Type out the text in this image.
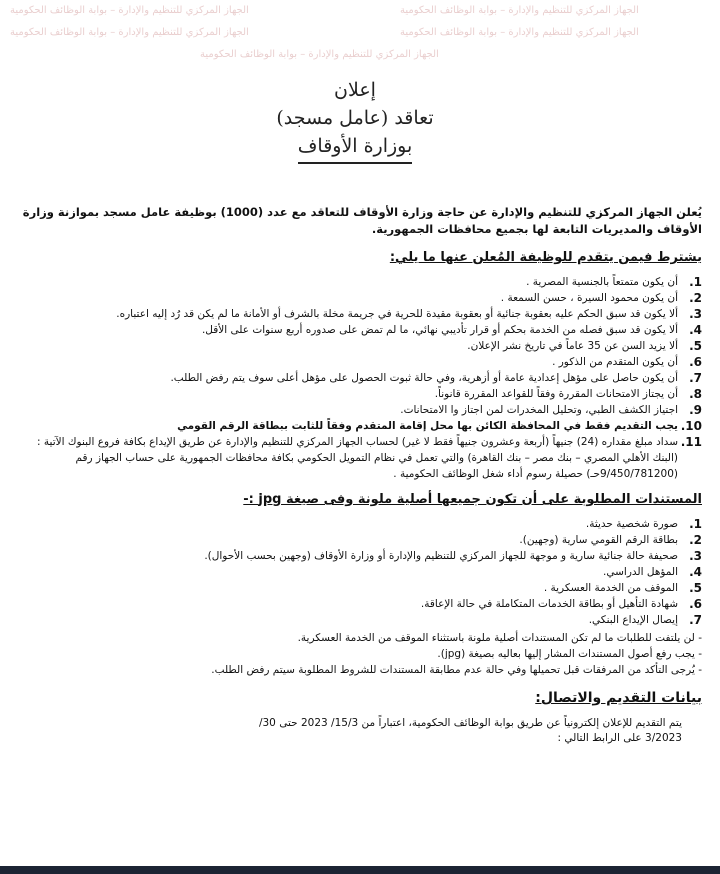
الجهاز المركزي للتنظيم والإدارة – بوابة الوظائف الحكومية	الجهاز المركزي للتنظيم والإدارة – بوابة الوظائف الحكومية
الجهاز المركزي للتنظيم والإدارة – بوابة الوظائف الحكومية	الجهاز المركزي للتنظيم والإدارة – بوابة الوظائف الحكومية
الجهاز المركزي للتنظيم والإدارة – بوابة الوظائف الحكومية
إعلان
تعاقد (عامل مسجد)
بوزارة الأوقاف
يُعلن الجهاز المركزي للتنظيم والإدارة عن حاجة وزارة الأوقاف للتعاقد مع عدد (1000) بوظيفة عامل مسجد بموازنة وزارة الأوقاف والمديريات التابعة لها بجميع محافظات الجمهورية.
يشترط فيمن يتقدم للوظيفة المُعلن عنها ما يلي:
1.
أن يكون متمتعاً بالجنسية المصرية .
2.
أن يكون محمود السيرة ، حسن السمعة .
3.
ألا يكون قد سبق الحكم عليه بعقوبة جنائية أو بعقوبة مقيدة للحرية في جريمة مخلة بالشرف أو الأمانة ما لم يكن قد رُد إليه اعتباره.
4.
ألا يكون قد سبق فصله من الخدمة بحكم أو قرار تأديبي نهائي، ما لم تمض على صدوره أربع سنوات على الأقل.
5.
ألا يزيد السن عن 35 عاماً في تاريخ نشر الإعلان.
6.
أن يكون المتقدم من الذكور .
7.
أن يكون حاصل على مؤهل إعدادية عامة أو أزهرية، وفي حالة ثبوت الحصول على مؤهل أعلى سوف يتم رفض الطلب.
8.
أن يجتاز الامتحانات المقررة وفقاً للقواعد المقررة قانوناً.
9.
اجتياز الكشف الطبي، وتحليل المخدرات لمن اجتاز وا الامتحانات.
10.
يجب التقديم فقط في المحافظة الكائن بها محل إقامة المتقدم وفقاً للثابت ببطاقة الرقم القومي
11.
سداد مبلغ مقداره (24) جنيهاً (أربعة وعشرون جنيهاً فقط لا غير) لحساب الجهاز المركزي للتنظيم والإدارة عن طريق الإيداع بكافة فروع البنوك الآتية : (البنك الأهلي المصري – بنك مصر – بنك القاهرة) والتي تعمل في نظام التمويل الحكومي بكافة محافظات الجمهورية على حساب الجهاز رقم (9/450/781200حـ) حصيلة رسوم أداء شغل الوظائف الحكومية .
المستندات المطلوبة على أن تكون جميعها أصلية ملونة وفى صيغة jpg :-
1.
صورة شخصية حديثة.
2.
بطاقة الرقم القومي سارية (وجهين).
3.
صحيفة حالة جنائية سارية و موجهة للجهاز المركزي للتنظيم والإدارة أو وزارة الأوقاف (وجهين بحسب الأحوال).
4.
المؤهل الدراسي.
5.
الموقف من الخدمة العسكرية .
6.
شهادة التأهيل أو بطاقة الخدمات المتكاملة في حالة الإعاقة.
7.
إيصال الإيداع البنكي.
- لن يلتفت للطلبات ما لم تكن المستندات أصلية ملونة باستثناء الموقف من الخدمة العسكرية.
- يجب رفع أصول المستندات المشار إليها بعاليه بصيغة (jpg).
- يُرجى التأكد من المرفقات قبل تحميلها وفي حالة عدم مطابقة المستندات للشروط المطلوبة سيتم رفض الطلب.
بيانات التقديم والاتصال:
يتم التقديم للإعلان إلكترونياً عن طريق بوابة الوظائف الحكومية، اعتباراً من 15/3/ 2023 حتى 30/ 3/2023 على الرابط التالي :
